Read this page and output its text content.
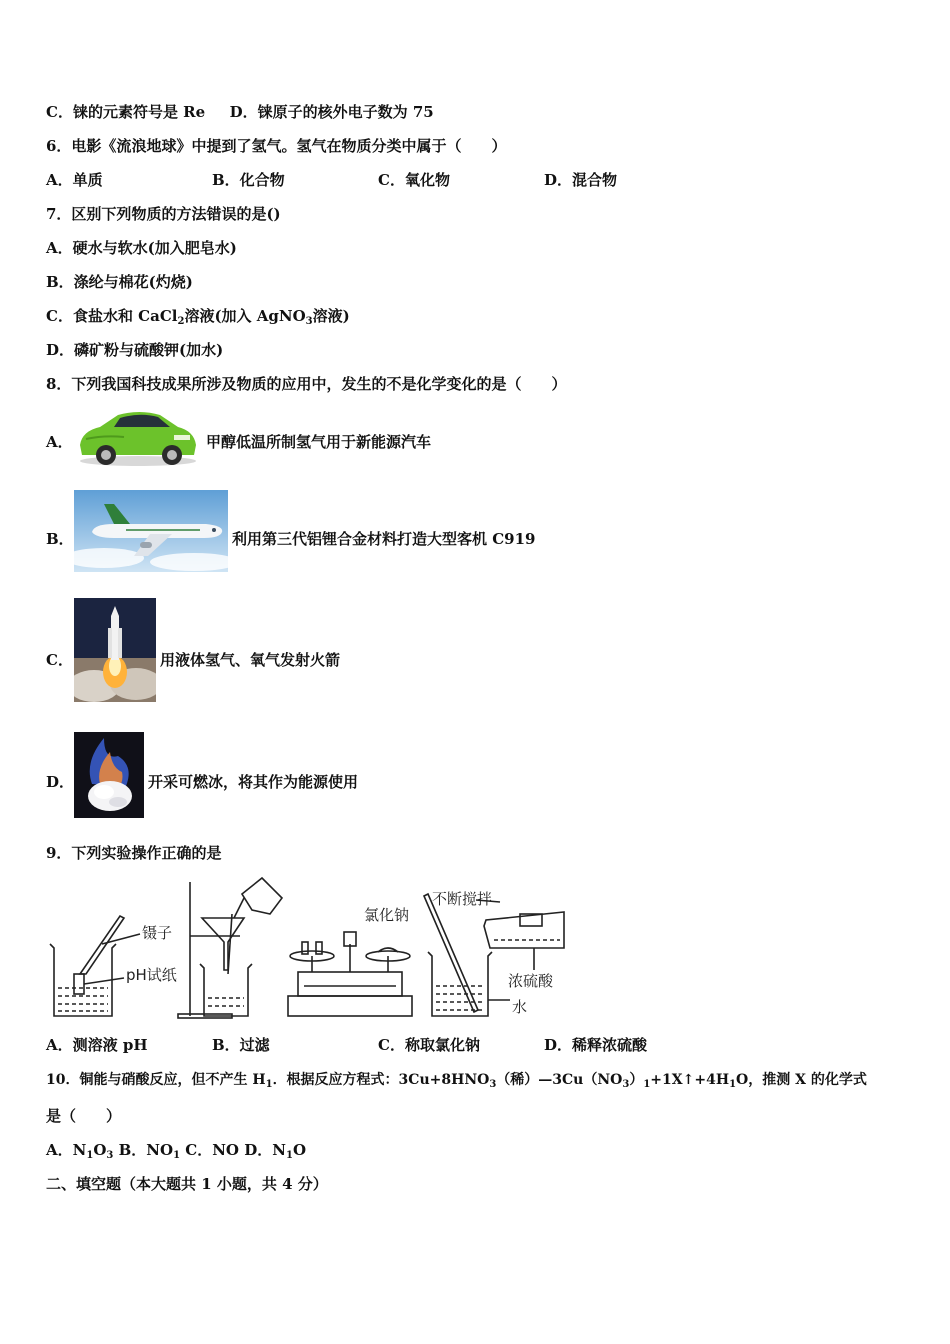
C．铼的元素符号是 Re D．铼原子的核外电子数为 75
6．电影《流浪地球》中提到了氢气。氢气在物质分类中属于（　　）
A．单质	B．化合物	C．氧化物	D．混合物
7．区别下列物质的方法错误的是()
A．硬水与软水(加入肥皂水)
B．涤纶与棉花(灼烧)
C．食盐水和 CaCl$_2$溶液(加入 AgNO$_3$溶液)
D．磷矿粉与硫酸钾(加水)
8．下列我国科技成果所涉及物质的应用中，发生的不是化学变化的是（　　）
A．	甲醇低温所制氢气用于新能源汽车
B．	利用第三代铝锂合金材料打造大型客机 C919
C．	用液体氢气、氧气发射火箭
D．	开采可燃冰，将其作为能源使用
9．下列实验操作正确的是
镊子
pH试纸
氯化钠
不断搅拌
浓硫酸
水
A．测溶液 pH	B．过滤	C．称取氯化钠	D．稀释浓硫酸
10．铜能与硝酸反应，但不产生 $H_1$．根据反应方程式：$3Cu+8HNO_3$（稀）$—3Cu(NO_3)_1+1X↑+4H_1O$，推测 X 的化学式
是（　　）
A．$N_1O_3$ B．$NO_1$ C．NO D．$N_1O$
二、填空题（本大题共 1 小题，共 4 分）
